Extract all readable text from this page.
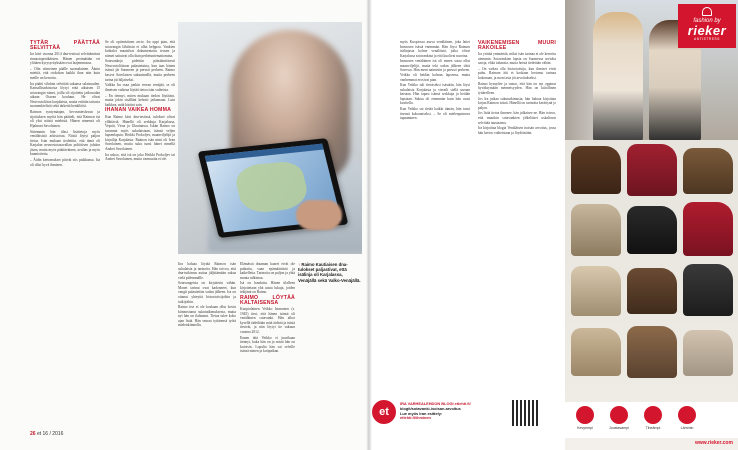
TYTÄR PÄÄTTÄÄ SELVITTÄÄ

Ira kävi vuonna 2014 dna-testissä selvittämässä rinnastoperäkäisten. Hänen perimätään eri ylittäen kyrysyrityksään ovat laajemmassa.

– Olin viimeinen päälle suomalainen. Äänin miettiä, että oiskohan kaikki ihan niin kuin meille on kerrottu.

Ira päätti vihdoin selvittää sukunsa salaisuuden. Kansallisarkistosta löytyi erää aikuisen 15 sotavangin nimet, joilla oli sijoitettu jatkosodan aikaan Otavan kouluun. He olivat Neuvostoliiton karjalaisia, mutta erittäin taitavia suomenkielisiä sekä tärkeitä henkilöitä.

Raimon syntymäajan, hevosmiesluvun ja sijoituksen myötä hän päätteli, että Raimon isä oli yksi näistä miehistä. Hänen nimensä oli Hjalmari Savolainen.

Sittemmin hän tilasi lisätietoja myös venäläisistä arkistoista. Niistä löytyi paljon tietoa. Isän mukaan tiedettiin, että tämä oli Karjalan neuvostotasavallan poliittisen johdon jäsen, mutta myös päättäväinen, avulias ja myös kunnioitettu.

– Äidin kertomukset pitivät siis paikkansa. Isä oli ollut hyvä ihminen.

Se oli optimistinen arvio. Ira oppi pian, että sotavangin lähtöisin ei ollut helppoa. Vankien kohtalot maatalvat dokumentoitu teosen ja niimet sattuivat olla ihan perhetuntemattomina.

Sotavankeja pidettiin pääsääntöisesti Neuvostoliittoon palautetuina, kun taas hänen isänsä jäi Suomeen ja perusti perheen. Raimo kasvoi Savolaisen sukunimellä, mutta perheen tarina jäi hiljaiseksi.

Valkka Ira osaa jonkin verran venäjää, se oli ilmeisen vaikeaa löytää tietoa isän vaiheista.

– En tiennyt, miten mukaan tiedon löytäisin, mutta jokin sisälläni kehotti jatkamaan. Luin kaikkea, mitä käsiini sain.

IHANAN VAIKEA HOMMA

Kun Raimo kävi dna-testissä, tulokset olivat yllättäviä. Hänellä oli serkkuja Karjalassa, Vepsiä, Viroa ja Ukrainassa. Iskän Raimo on tavannut myös sukulaisiaan, isänsä veljen lapsenlapsia: Heikki Prokofjev, maanviljelijä ja kirjailija Karjalasta. Raimon isän nimi oli Ivan Savolainen, mutta suku tunsi hänet nimellä Andrei Savolainen.

Ira uskoo, että isä on joko Heikki Prokofjev tai Andrei Savolainen, mutta varmuutta ei ole.

Iira haluaa löytää Raimon isän sukulaisia ja tarinoita. Hän toivoo, että dna-tutkimus auttaa jäljittämään sukua vielä pidemmälle.

Sotavangeista on kirjoitettu vähän. Monet tarinat ovat kadonneet, kun vangit palautettiin sodan jälkeen. Ira on ottanut yhteyttä historioitsijoihin ja tutkijoihin.

Raimo itse ei ole koskaan ollut kovin kiinnostunut sukututkimuksesta, mutta nyt hän on ilahtunut. Tietoa tulee koko ajan lisää. Hän seuraa tyttärensä työtä mielenkiinnolla.

Elämässä draaman kaaret eivät ole puhtaita, vaan epämääräisiä ja katkelleita. Tarinoita on paljon ja yhtä monta tulkintaa.

Isä on haudattu. Hänen tilalleen kirjoitetaan yhä uusia lukuja, joiden tekijänä on Raimo.

RAIMO LÖYTÄÄ KALTAISENSA

Kuopiolainen Veikko Immonen (s. 1945) tiesi, että hänen isänsä oli venäläinen sotavanki. Hän alkoi kysellä tädeiltään mitä äidistä ja isästä tiesivät, ja niin löytyi tie sukuun vuonna 2012.

Ennen tätä Veikko ei juurikaan tiennyt, kuka hän on ja mistä hän on kotoisin. Lopulta hän sai selville isänsä nimen ja kotipaikan.

↑ Raimo Kautiaisen dna-tulokset paljastivat, että isälinja oli Karjalassa, Venäjällä sekä Valko-Venäjällä.
26 et 16 / 2016

myös Kuopiossa asuva venäläinen, joka lattei Immosen isästä enemmän. Hän löysi Raimon isälinjasta kolme venäläistä, jotka olivat Karjalassa sotavankina ja että kuolivat nuorina.

Immosen venäläinen isä oli ennen sotaa ollut maanviljelijä, mutta teki sodan jälkeen töitä Savossa. Hän meni naimisiin ja perusti perheen. Veikko oli heidän kolmas lapsensa, mutta vanhemmat erosivat pian.

Kun Veikko tuli tietoiseksi isästään, hän löysi sukulaisia Karjalasta ja vieraili siellä useaan kertaan. Hän tapasi isänsä serkkuja ja heidän lapsiaan. Sukua oli enemmän kuin hän osasi kuvitella.

Kun Veikko sai tietää kaikki tämän, hän tunsi itsensä kokonaiseksi. – Se oli mielenpainuva tapaaminen.

VAIKENEMISEN MUURI RAKOILEE

Ira yrittää ymmärtää, miksi isän tarinaa ei ole kerrottu aiemmin. Sotavankien lapsia on Suomessa arviolta satoja, ehkä tuhansia, mutta heistä tiedetään vähän.

– On vaikea olla historioitsija, kun ihmiset eivät puhu. Raimon äiti ei koskaan kertonut tarinaa kokonaan, ja moni asia jäi arvoitukseksi.

Raimo hymyilee ja sanoo, että hän on nyt oppinut hyväksymään menneisyyden. Hän on kiitollinen tyttärelleen.

Jos Ira jatkaa sukututkimusta, hän haluaa kirjoittaa kirjan Raimon isästä. Hänellä on tarinoita kerättynä jo paljon.

Jos lisää tietoa ilmenee, hän julkaisee ne. Hän toivoo, että muutkin sotavankien jälkeläiset uskaltavat selvittää taustaansa.

Ira kirjoittaa blogia Venäläisen isoisän arvoitus, jossa hän kertoo vaiheistaan ja löydöistään.

et
IRA VARHEALEHDON BLOGI etlehti.fi/
blogit/sotavanki-isoisan-arvoitus
Lue myös Iran esittely:
etlehti.fi/ihminen
fashion by
rieker
ANTISTRESS
Kevyempi	Joustavampi	Tiheämpi	Lämmin
www.rieker.com
